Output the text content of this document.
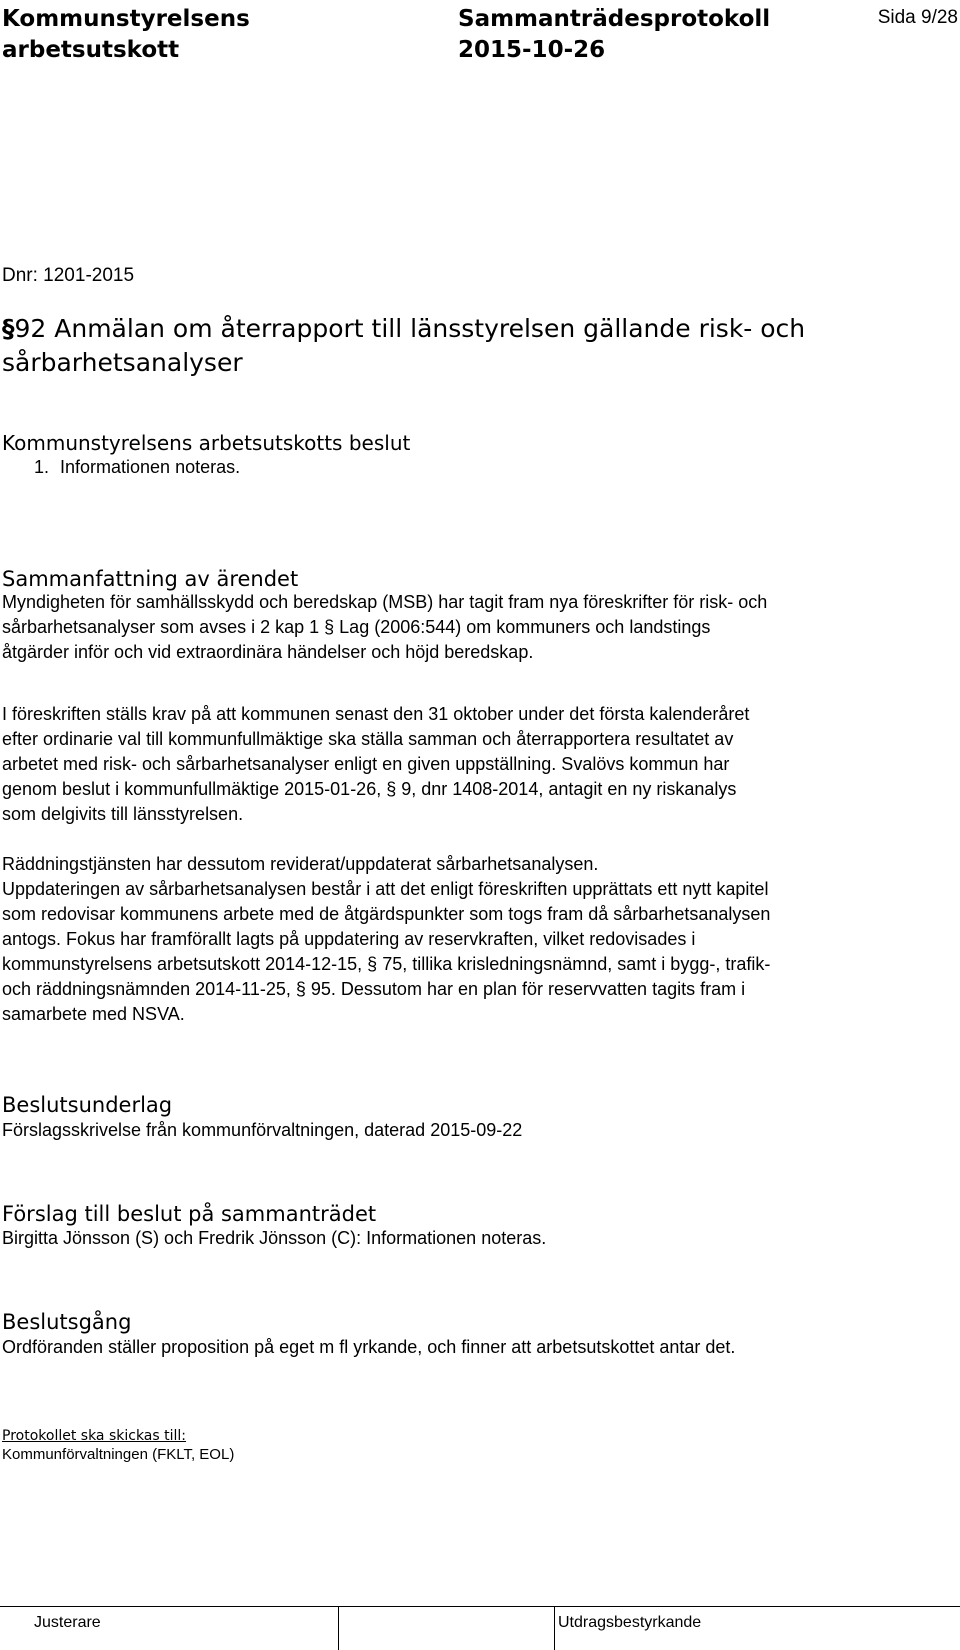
Kommunstyrelsens
arbetsutskott
Sammanträdesprotokoll
2015-10-26
Sida 9/28
Dnr: 1201-2015
§92 Anmälan om återrapport till länsstyrelsen gällande risk- och
sårbarhetsanalyser
Kommunstyrelsens arbetsutskotts beslut
1. Informationen noteras.
Sammanfattning av ärendet
Myndigheten för samhällsskydd och beredskap (MSB) har tagit fram nya föreskrifter för risk- och
sårbarhetsanalyser som avses i 2 kap 1 § Lag (2006:544) om kommuners och landstings
åtgärder inför och vid extraordinära händelser och höjd beredskap.
I föreskriften ställs krav på att kommunen senast den 31 oktober under det första kalenderåret
efter ordinarie val till kommunfullmäktige ska ställa samman och återrapportera resultatet av
arbetet med risk- och sårbarhetsanalyser enligt en given uppställning. Svalövs kommun har
genom beslut i kommunfullmäktige 2015-01-26, § 9, dnr 1408-2014, antagit en ny riskanalys
som delgivits till länsstyrelsen.
Räddningstjänsten har dessutom reviderat/uppdaterat sårbarhetsanalysen.
Uppdateringen av sårbarhetsanalysen består i att det enligt föreskriften upprättats ett nytt kapitel
som redovisar kommunens arbete med de åtgärdspunkter som togs fram då sårbarhetsanalysen
antogs. Fokus har framförallt lagts på uppdatering av reservkraften, vilket redovisades i
kommunstyrelsens arbetsutskott 2014-12-15, § 75, tillika krisledningsnämnd, samt i bygg-, trafik-
och räddningsnämnden 2014-11-25, § 95. Dessutom har en plan för reservvatten tagits fram i
samarbete med NSVA.
Beslutsunderlag
Förslagsskrivelse från kommunförvaltningen, daterad 2015-09-22
Förslag till beslut på sammanträdet
Birgitta Jönsson (S) och Fredrik Jönsson (C): Informationen noteras.
Beslutsgång
Ordföranden ställer proposition på eget m fl yrkande, och finner att arbetsutskottet antar det.
Protokollet ska skickas till:
Kommunförvaltningen (FKLT, EOL)
Justerare	Utdragsbestyrkande
